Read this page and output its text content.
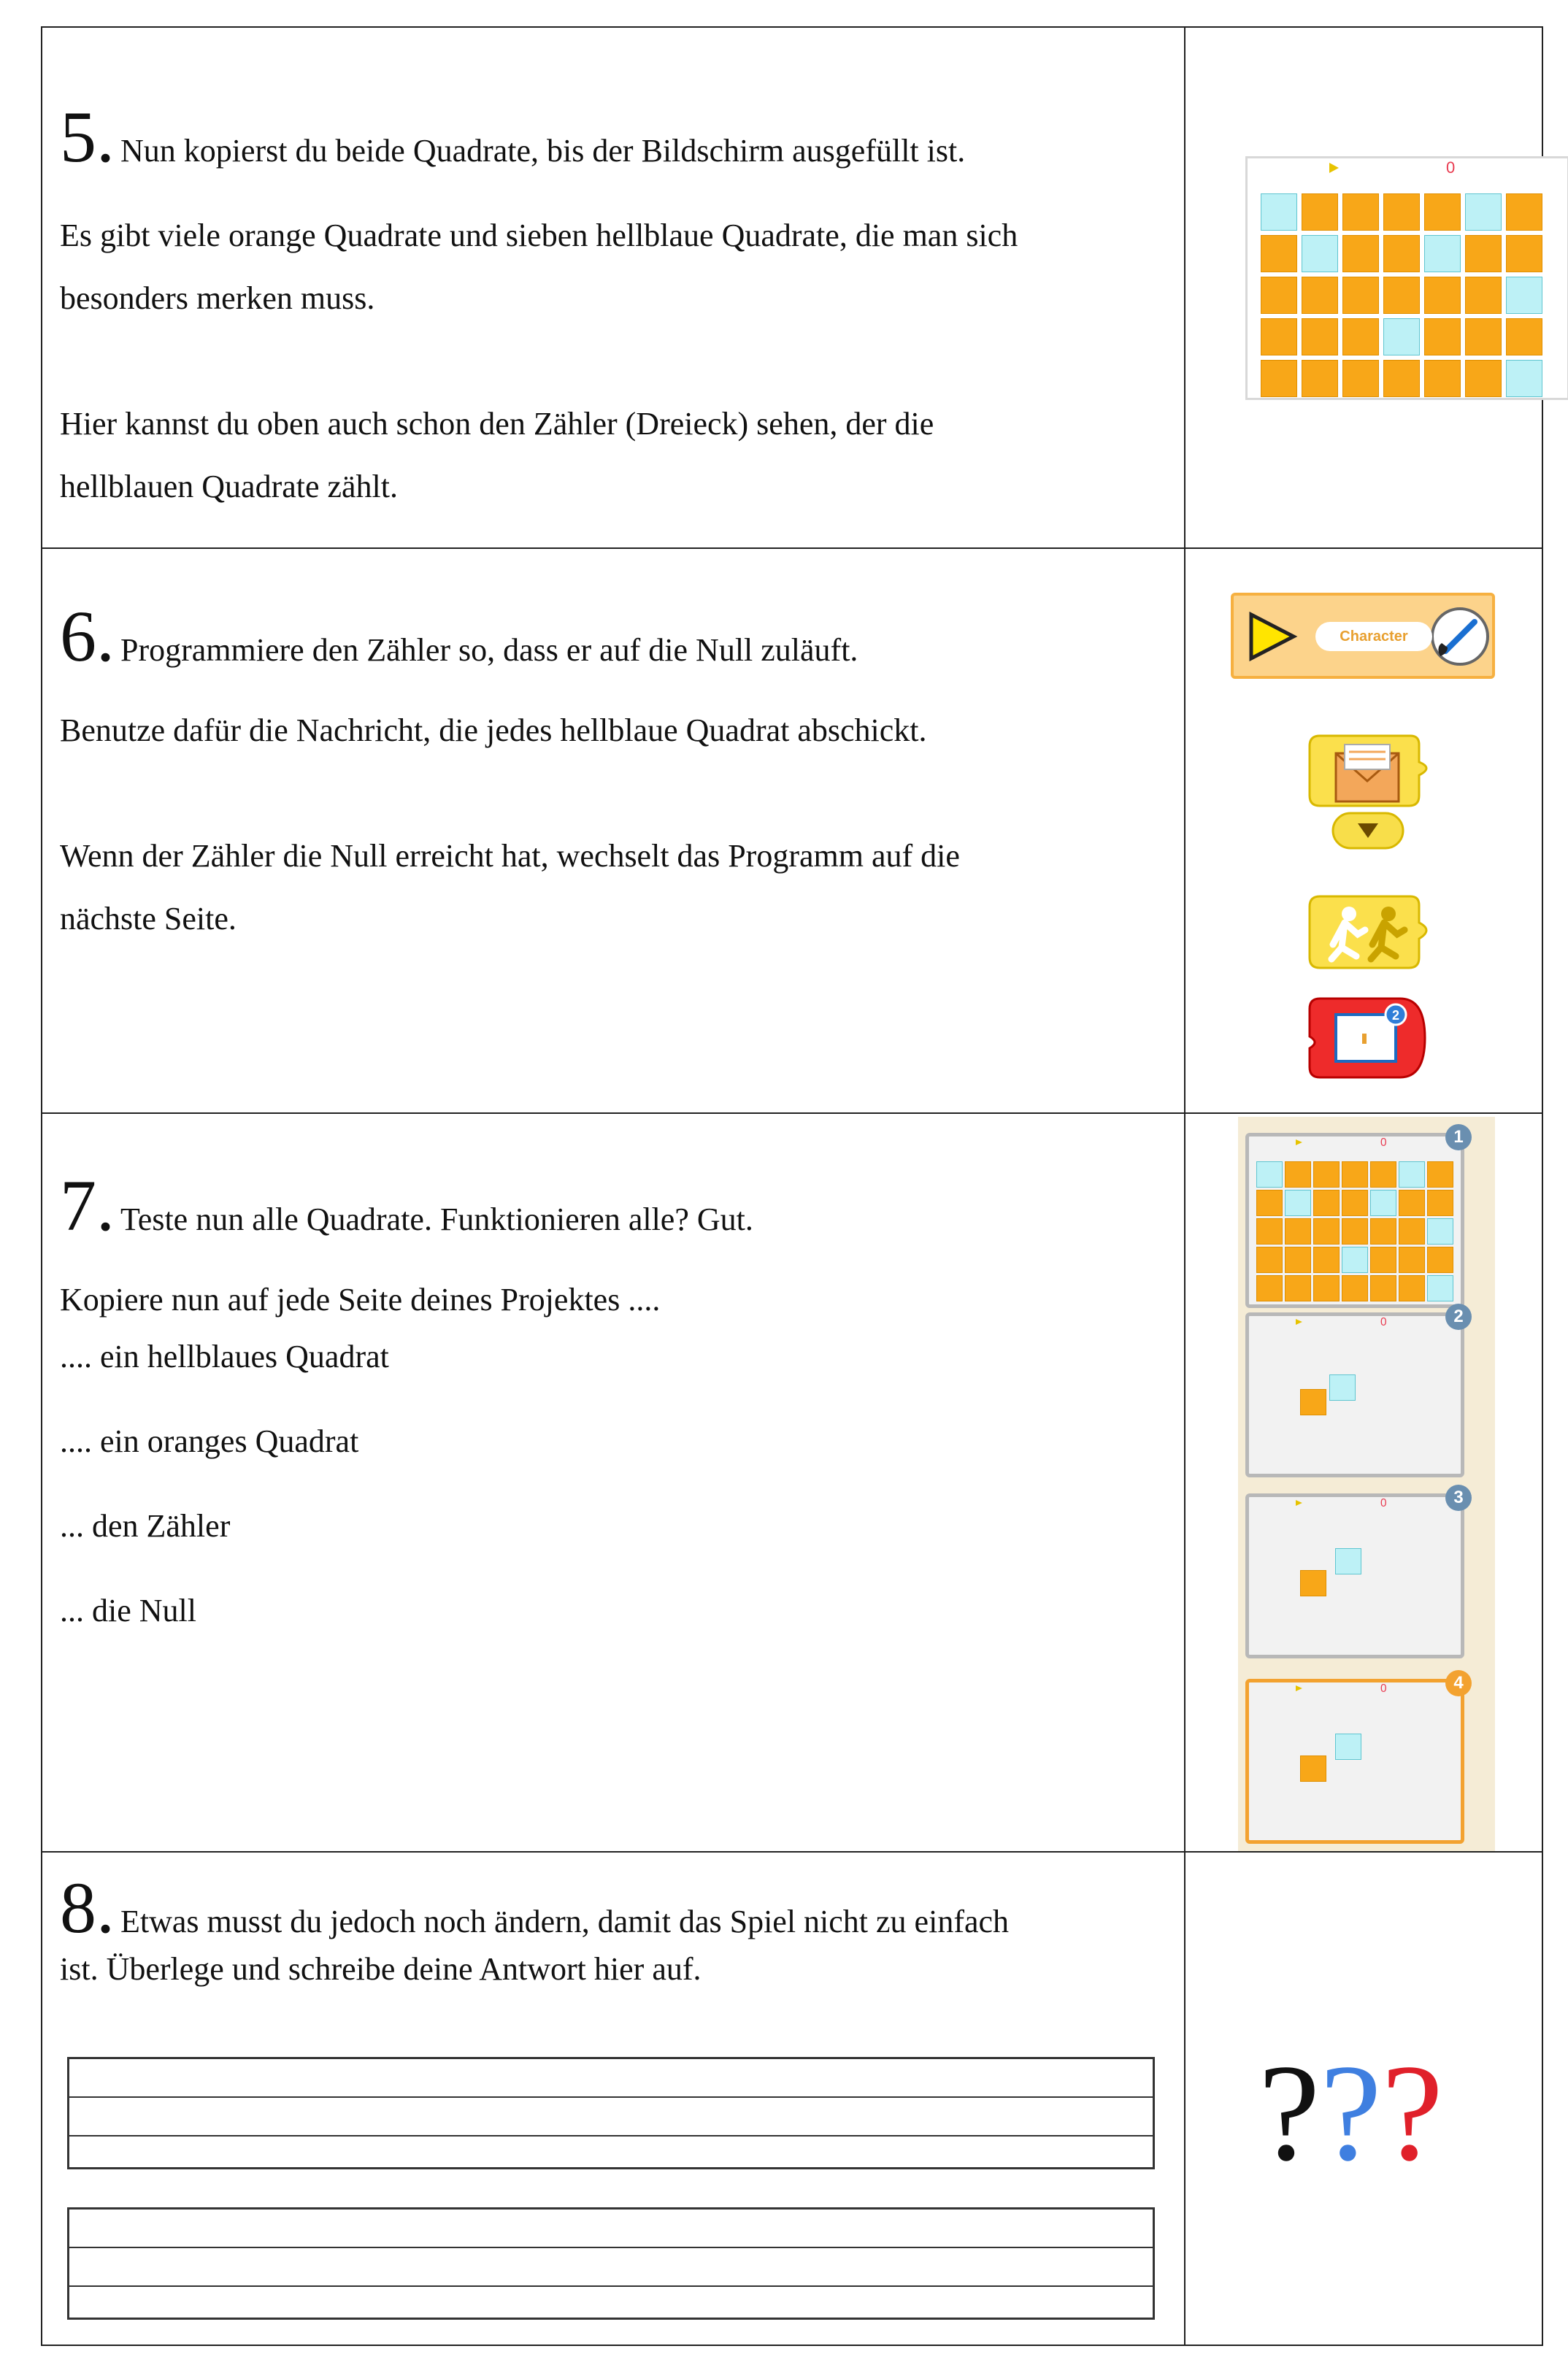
5. Nun kopierst du beide Quadrate, bis der Bildschirm ausgefüllt ist.

Es gibt viele orange Quadrate und sieben hellblaue Quadrate, die man sich

besonders merken muss.

Hier kannst du oben auch schon den Zähler (Dreieck) sehen, der die

hellblauen Quadrate zählt.

0
6. Programmiere den Zähler so, dass er auf die Null zuläuft.

Benutze dafür die Nachricht, die jedes hellblaue Quadrat abschickt.

Wenn der Zähler die Null erreicht hat, wechselt das Programm auf die

nächste Seite.

Character
2
7. Teste nun alle Quadrate. Funktionieren alle? Gut.

Kopiere nun auf jede Seite deines Projektes ....

.... ein hellblaues Quadrat

.... ein oranges Quadrat

... den Zähler

... die Null

0	1
0	2
0	3
0	4
8. Etwas musst du jedoch noch ändern, damit das Spiel nicht zu einfach

ist. Überlege und schreibe deine Antwort hier auf.

???
